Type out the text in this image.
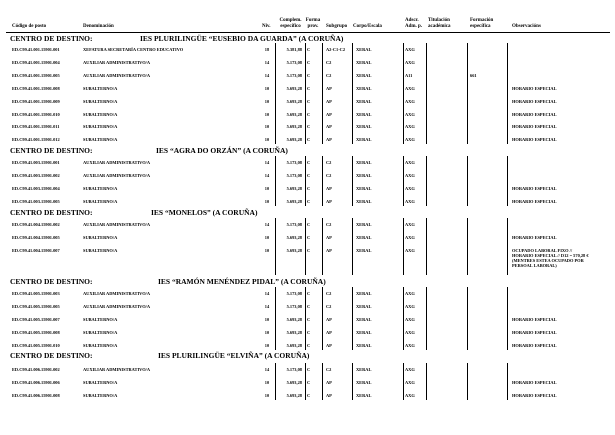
Código de posto	Denominación	Niv.
Complem.
específico
Forma
prov.	Subgrupo Corpo/Escala
Adscr.
Adm. p.
Titulación
académica
Formación
específica	Observacións
CENTRO DE DESTINO:	IES PLURILINGÜE “EUSEBIO DA GUARDA” (A CORUÑA)
ED.C99.41.001.15901.001	XEFATURA SECRETARÍA CENTRO EDUCATIVO	18	5.381,88 C	A2-C1-C2 XERAL	AXG
ED.C99.41.001.15901.004	AUXILIAR ADMINISTRATIVO/A	14	5.173,08 C	C2	XERAL	AXG
ED.C99.41.001.15901.005	AUXILIAR ADMINISTRATIVO/A	14	5.173,08 C	C2	XERAL	A11	661
ED.C99.41.001.15901.008	SUBALTERNO/A	10	5.693,28 C	AP	XERAL	AXG	HORARIO ESPECIAL
ED.C99.41.001.15901.009	SUBALTERNO/A	10	5.693,28 C	AP	XERAL	AXG	HORARIO ESPECIAL
ED.C99.41.001.15901.010	SUBALTERNO/A	10	5.693,28 C	AP	XERAL	AXG	HORARIO ESPECIAL
ED.C99.41.001.15901.011	SUBALTERNO/A	10	5.693,28 C	AP	XERAL	AXG	HORARIO ESPECIAL
ED.C99.41.001.15901.012	SUBALTERNO/A	10	5.693,28 C	AP	XERAL	AXG	HORARIO ESPECIAL
CENTRO DE DESTINO:	IES “AGRA DO ORZÁN” (A CORUÑA)
ED.C99.41.003.15901.001	AUXILIAR ADMINISTRATIVO/A	14	5.173,08 C	C2	XERAL	AXG
ED.C99.41.003.15901.002	AUXILIAR ADMINISTRATIVO/A	14	5.173,08 C	C2	XERAL	AXG
ED.C99.41.003.15901.004	SUBALTERNO/A	10	5.693,28 C	AP	XERAL	AXG	HORARIO ESPECIAL
ED.C99.41.003.15901.005	SUBALTERNO/A	10	5.693,28 C	AP	XERAL	AXG	HORARIO ESPECIAL
CENTRO DE DESTINO:	IES “MONELOS” (A CORUÑA)
ED.C99.41.004.15901.002	AUXILIAR ADMINISTRATIVO/A	14	5.173,08 C	C2	XERAL	AXG
ED.C99.41.004.15901.005	SUBALTERNO/A	10	5.693,28 C	AP	XERAL	AXG	HORARIO ESPECIAL
ED.C99.41.004.15901.007	SUBALTERNO/A	10	5.693,28 C	AP	XERAL	AXG	OCUPADO LABORAL FIXO //
HORARIO ESPECIAL // D12 = 570,28 €
(MENTRES ESTEA OCUPADO POR
PERSOAL LABORAL)
CENTRO DE DESTINO:	IES “RAMÓN MENÉNDEZ PIDAL” (A CORUÑA)
ED.C99.41.005.15901.003	AUXILIAR ADMINISTRATIVO/A	14	5.173,08 C	C2	XERAL	AXG
ED.C99.41.005.15901.005	AUXILIAR ADMINISTRATIVO/A	14	5.173,08 C	C2	XERAL	AXG
ED.C99.41.005.15901.007	SUBALTERNO/A	10	5.693,28 C	AP	XERAL	AXG	HORARIO ESPECIAL
ED.C99.41.005.15901.008	SUBALTERNO/A	10	5.693,28 C	AP	XERAL	AXG	HORARIO ESPECIAL
ED.C99.41.005.15901.010	SUBALTERNO/A	10	5.693,28 C	AP	XERAL	AXG	HORARIO ESPECIAL
CENTRO DE DESTINO:	IES PLURILINGÜE “ELVIÑA” (A CORUÑA)
ED.C99.41.006.15901.002	AUXILIAR ADMINISTRATIVO/A	14	5.173,08 C	C2	XERAL	AXG
ED.C99.41.006.15901.006	SUBALTERNO/A	10	5.693,28 C	AP	XERAL	AXG	HORARIO ESPECIAL
ED.C99.41.006.15901.008	SUBALTERNO/A	10	5.693,28 C	AP	XERAL	AXG	HORARIO ESPECIAL
